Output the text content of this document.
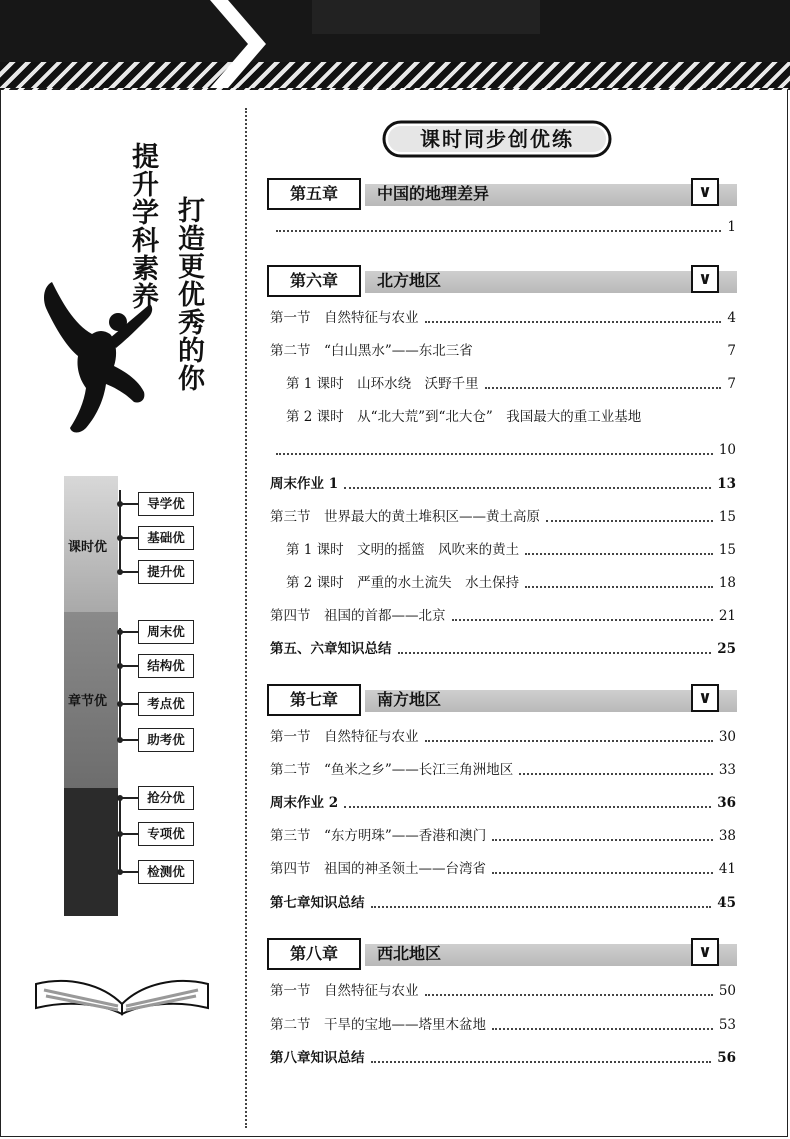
提升学科素养 打造更优秀的你
课时优
章节优
导学优
基础优
提升优
周末优
结构优
考点优
助考优
抢分优
专项优
检测优
课时同步创优练
第五章	中国的地理差异	∨
1
第六章	北方地区	∨
第一节　自然特征与农业	4
第二节　“白山黑水”——东北三省	7
第 1 课时　山环水绕　沃野千里	7
第 2 课时　从“北大荒”到“北大仓”　我国最大的重工业基地
10
周末作业 1	13
第三节　世界最大的黄土堆积区——黄土高原	15
第 1 课时　文明的摇篮　风吹来的黄土	15
第 2 课时　严重的水土流失　水土保持	18
第四节　祖国的首都——北京	21
第五、六章知识总结	25
第七章	南方地区	∨
第一节　自然特征与农业	30
第二节　“鱼米之乡”——长江三角洲地区	33
周末作业 2	36
第三节　“东方明珠”——香港和澳门	38
第四节　祖国的神圣领土——台湾省	41
第七章知识总结	45
第八章	西北地区	∨
第一节　自然特征与农业	50
第二节　干旱的宝地——塔里木盆地	53
第八章知识总结	56
